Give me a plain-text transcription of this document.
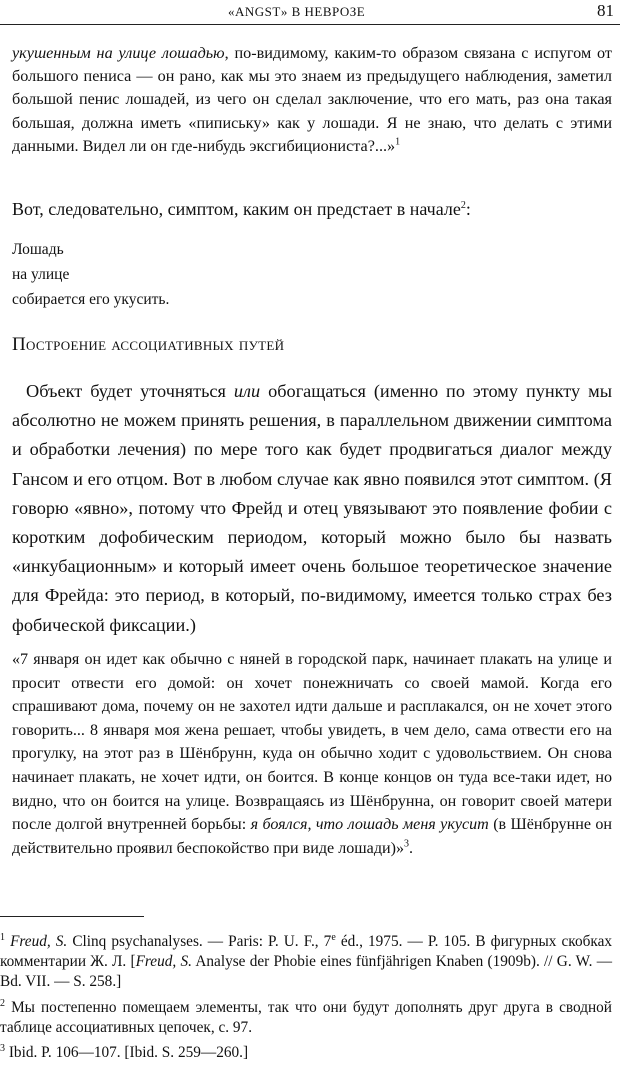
«ANGST» В НЕВРОЗЕ	81

укушенным на улице лошадью, по-видимому, каким-то образом связана с испугом от большого пениса — он рано, как мы это знаем из предыдущего наблюдения, заметил большой пенис лошадей, из чего он сделал заключение, что его мать, раз она такая большая, должна иметь «пипиську» как у лошади. Я не знаю, что делать с этими данными. Видел ли он где-нибудь эксгибициониста?...»$^1$

Вот, следовательно, симптом, каким он предстает в начале$^2$:

Лошадь
на улице
собирается его укусить.
Построение ассоциативных путей

Объект будет уточняться или обогащаться (именно по этому пункту мы абсолютно не можем принять решения, в параллельном движении симптома и обработки лечения) по мере того как будет продвигаться диалог между Гансом и его отцом. Вот в любом случае как явно появился этот симптом. (Я говорю «явно», потому что Фрейд и отец увязывают это появление фобии с коротким дофобическим периодом, который можно было бы назвать «инкубационным» и который имеет очень большое теоретическое значение для Фрейда: это период, в который, по-видимому, имеется только страх без фобической фиксации.)

«7 января он идет как обычно с няней в городской парк, начинает плакать на улице и просит отвести его домой: он хочет понежничать со своей мамой. Когда его спрашивают дома, почему он не захотел идти дальше и расплакался, он не хочет этого говорить... 8 января моя жена решает, чтобы увидеть, в чем дело, сама отвести его на прогулку, на этот раз в Шёнбрунн, куда он обычно ходит с удовольствием. Он снова начинает плакать, не хочет идти, он боится. В конце концов он туда все-таки идет, но видно, что он боится на улице. Возвращаясь из Шёнбрунна, он говорит своей матери после долгой внутренней борьбы: я боялся, что лошадь меня укусит (в Шёнбрунне он действительно проявил беспокойство при виде лошади)»$^3$.

$^1$ Freud, S. Clinq psychanalyses. — Paris: P. U. F., 7e éd., 1975. — P. 105. В фигурных скобках комментарии Ж. Л. [Freud, S. Analyse der Phobie eines fünfjährigen Knaben (1909b). // G. W. — Bd. VII. — S. 258.]

$^2$ Мы постепенно помещаем элементы, так что они будут дополнять друг друга в сводной таблице ассоциативных цепочек, с. 97.

$^3$ Ibid. P. 106—107. [Ibid. S. 259—260.]
